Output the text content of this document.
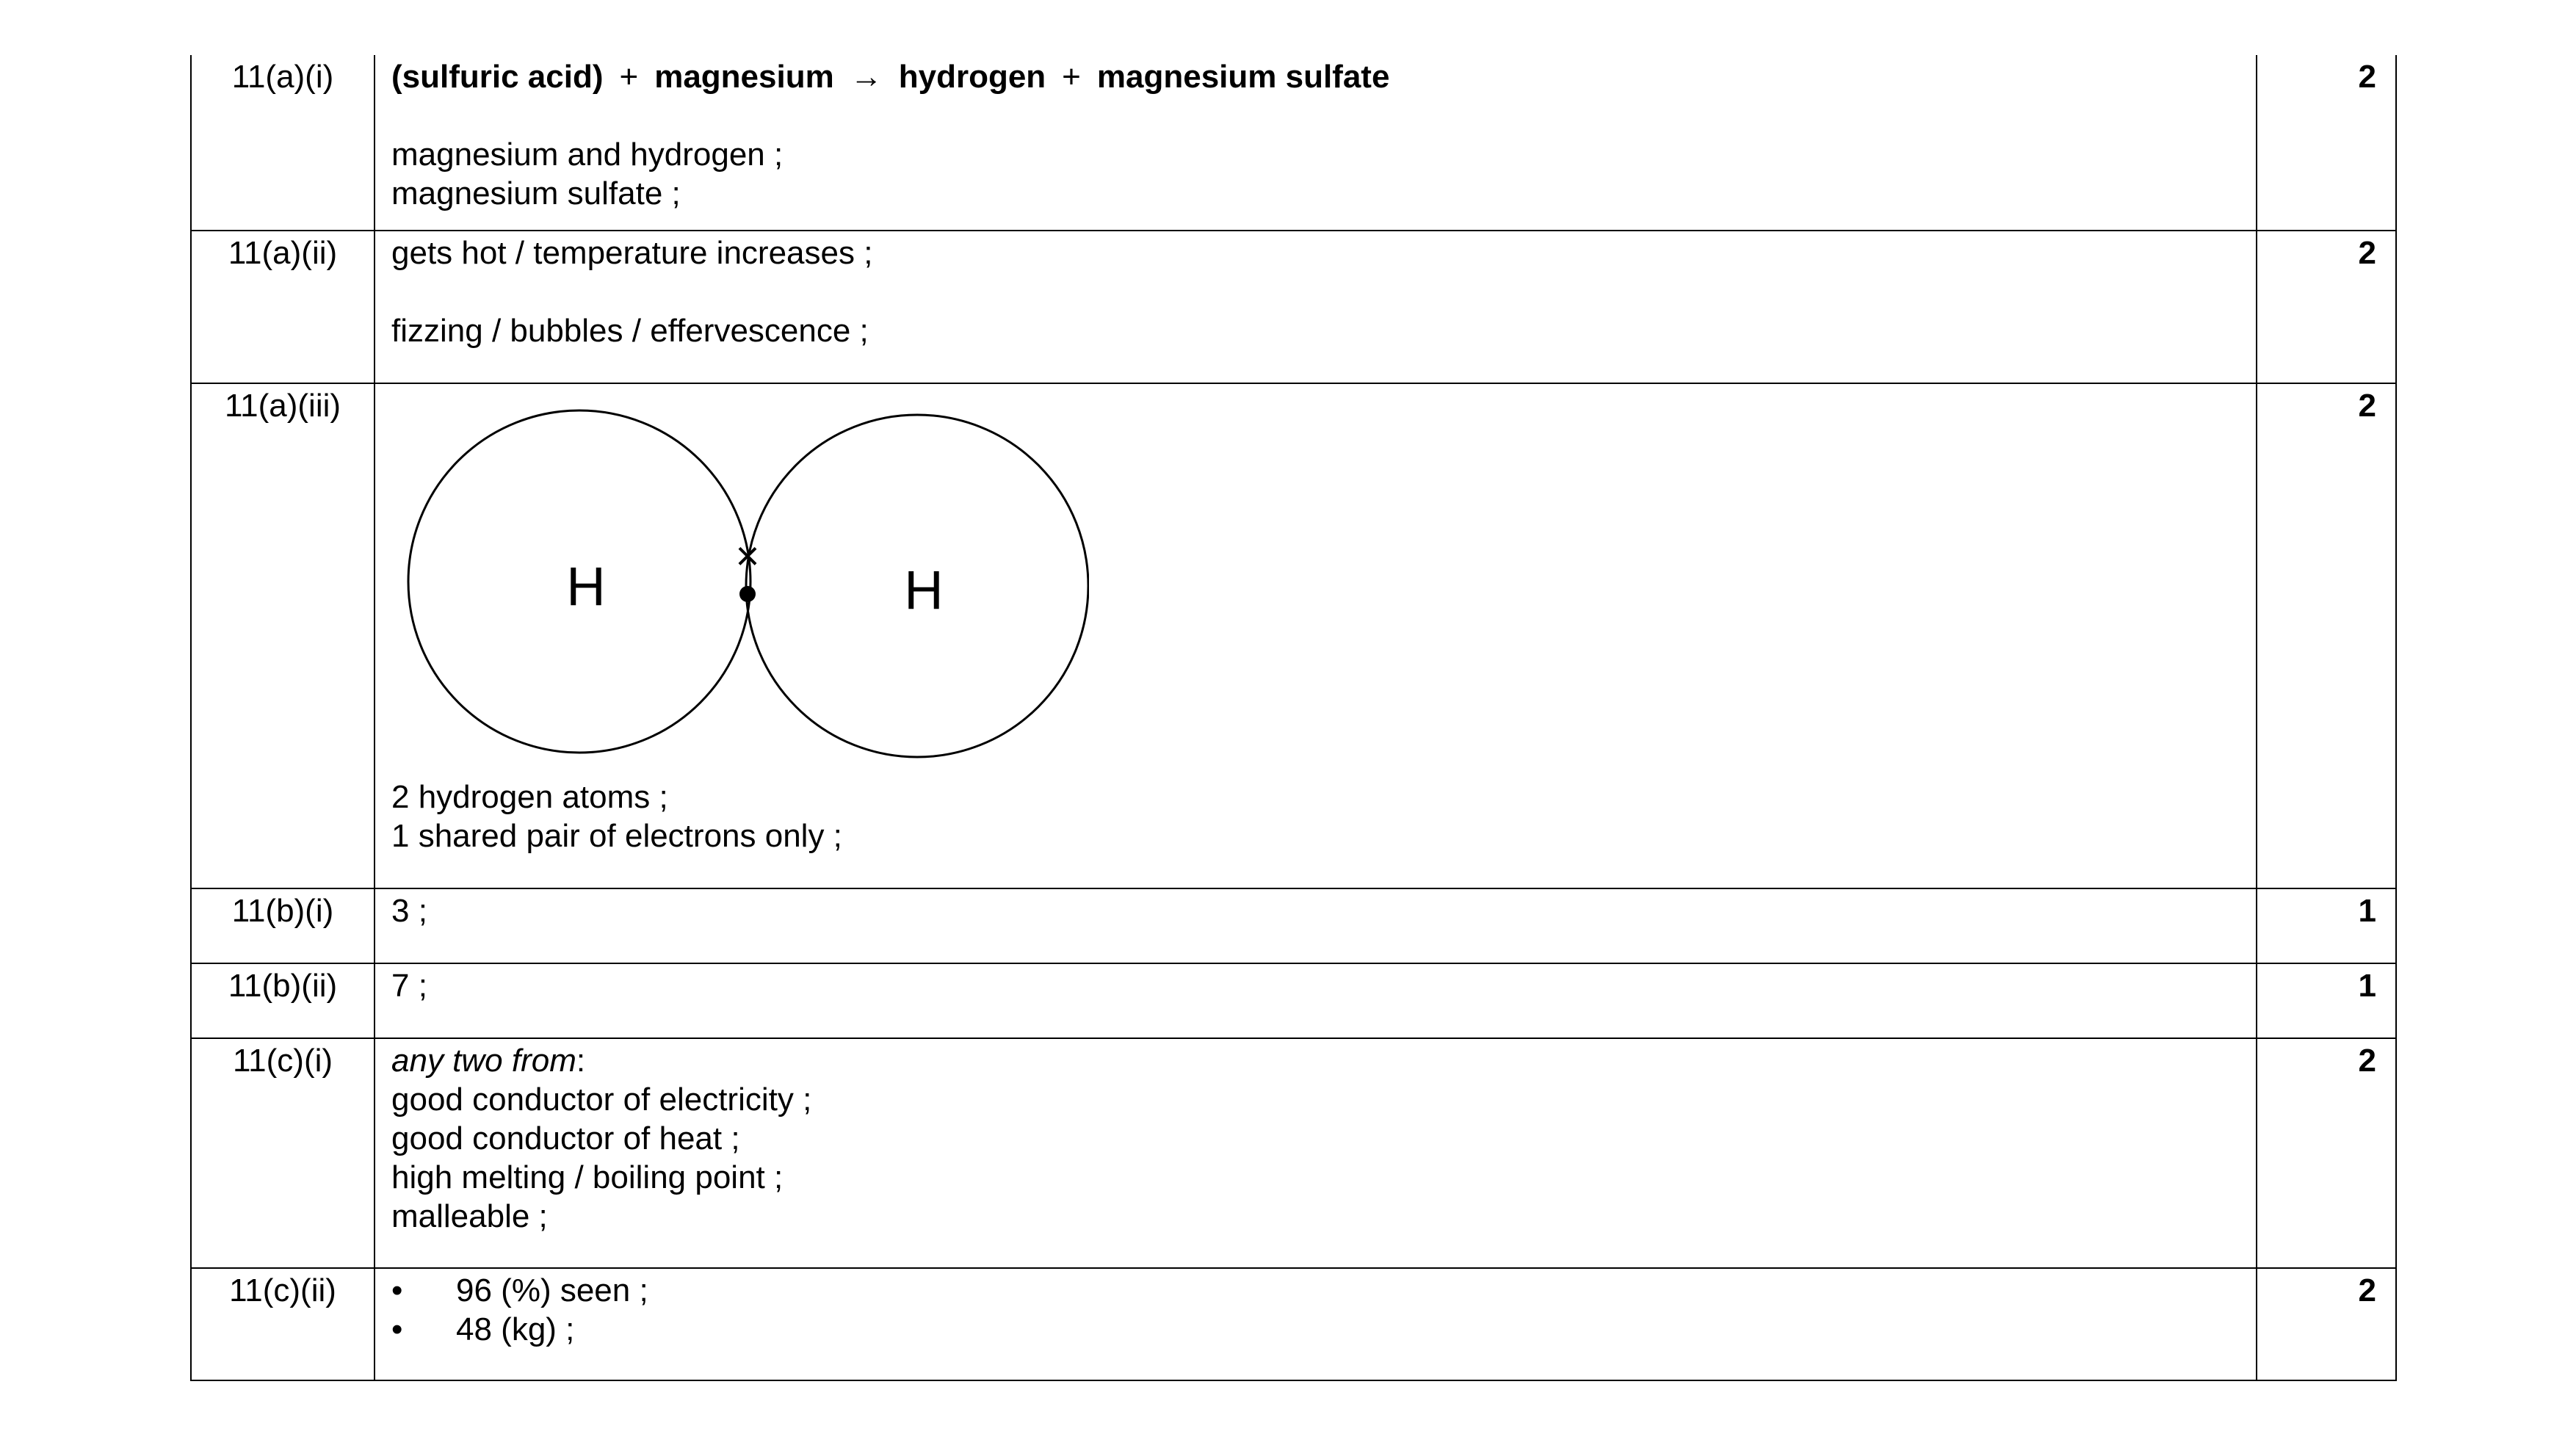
11(a)(i)	(sulfuric acid) + magnesium → hydrogen + magnesium sulfate
magnesium and hydrogen ;
magnesium sulfate ;	2
11(a)(ii)	gets hot / temperature increases ;
fizzing / bubbles / effervescence ;	2
11(a)(iii)	H H
×
2 hydrogen atoms ;
1 shared pair of electrons only ;	2
11(b)(i)	3 ;	1
11(b)(ii)	7 ;	1
11(c)(i)	any two from:
good conductor of electricity ;
good conductor of heat ;
high melting / boiling point ;
malleable ;	2
11(c)(ii)	• 96 (%) seen ;
• 48 (kg) ;	2
